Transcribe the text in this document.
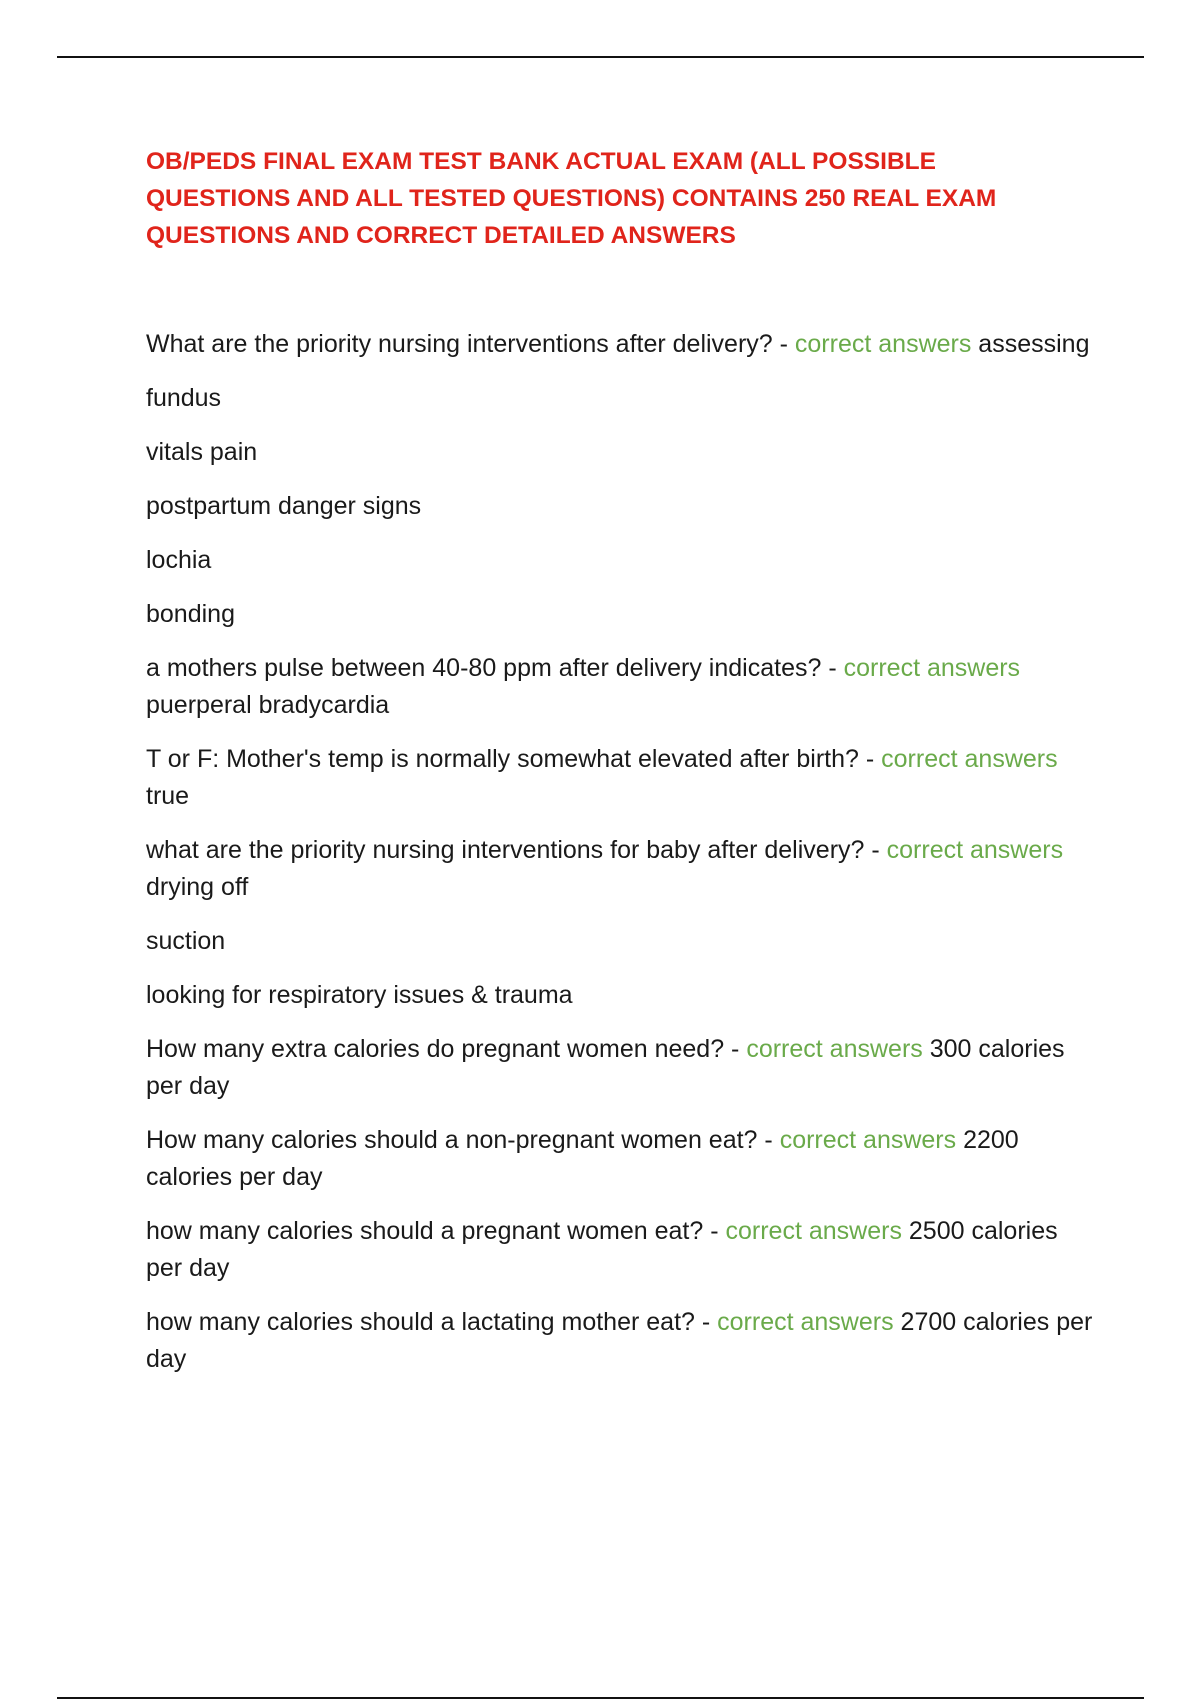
OB/PEDS FINAL EXAM TEST BANK ACTUAL EXAM (ALL POSSIBLE QUESTIONS AND ALL TESTED QUESTIONS) CONTAINS 250 REAL EXAM QUESTIONS AND CORRECT DETAILED ANSWERS

What are the priority nursing interventions after delivery? - correct answers assessing

fundus

vitals pain

postpartum danger signs

lochia

bonding

a mothers pulse between 40-80 ppm after delivery indicates? - correct answers puerperal bradycardia

T or F: Mother's temp is normally somewhat elevated after birth? - correct answers true

what are the priority nursing interventions for baby after delivery? - correct answers drying off

suction

looking for respiratory issues & trauma

How many extra calories do pregnant women need? - correct answers 300 calories per day

How many calories should a non-pregnant women eat? - correct answers 2200 calories per day

how many calories should a pregnant women eat? - correct answers 2500 calories per day

how many calories should a lactating mother eat? - correct answers 2700 calories per day
